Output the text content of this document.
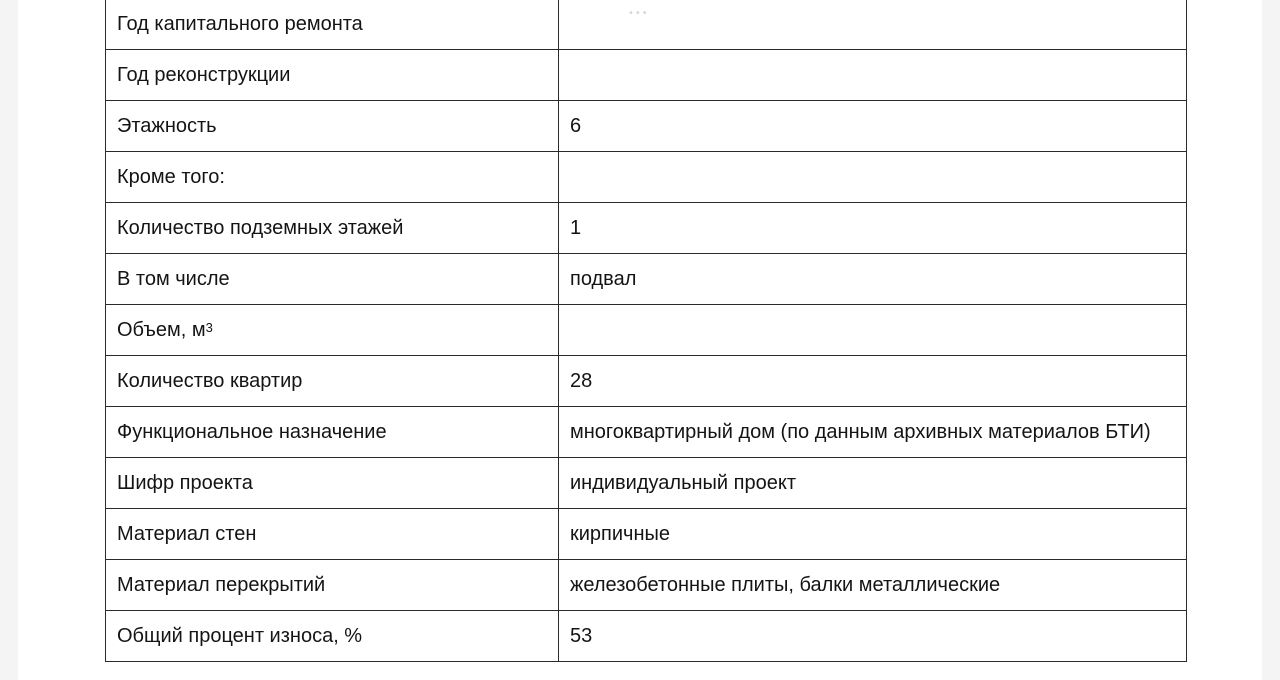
•••
Год капитального ремонта	
Год реконструкции	
Этажность	6
Кроме того:	
Количество подземных этажей	1
В том числе	подвал
Объем, $м^3$	
Количество квартир	28
Функциональное назначение	многоквартирный дом (по данным архивных материалов БТИ)
Шифр проекта	индивидуальный проект
Материал стен	кирпичные
Материал перекрытий	железобетонные плиты, балки металлические
Общий процент износа, %	53
